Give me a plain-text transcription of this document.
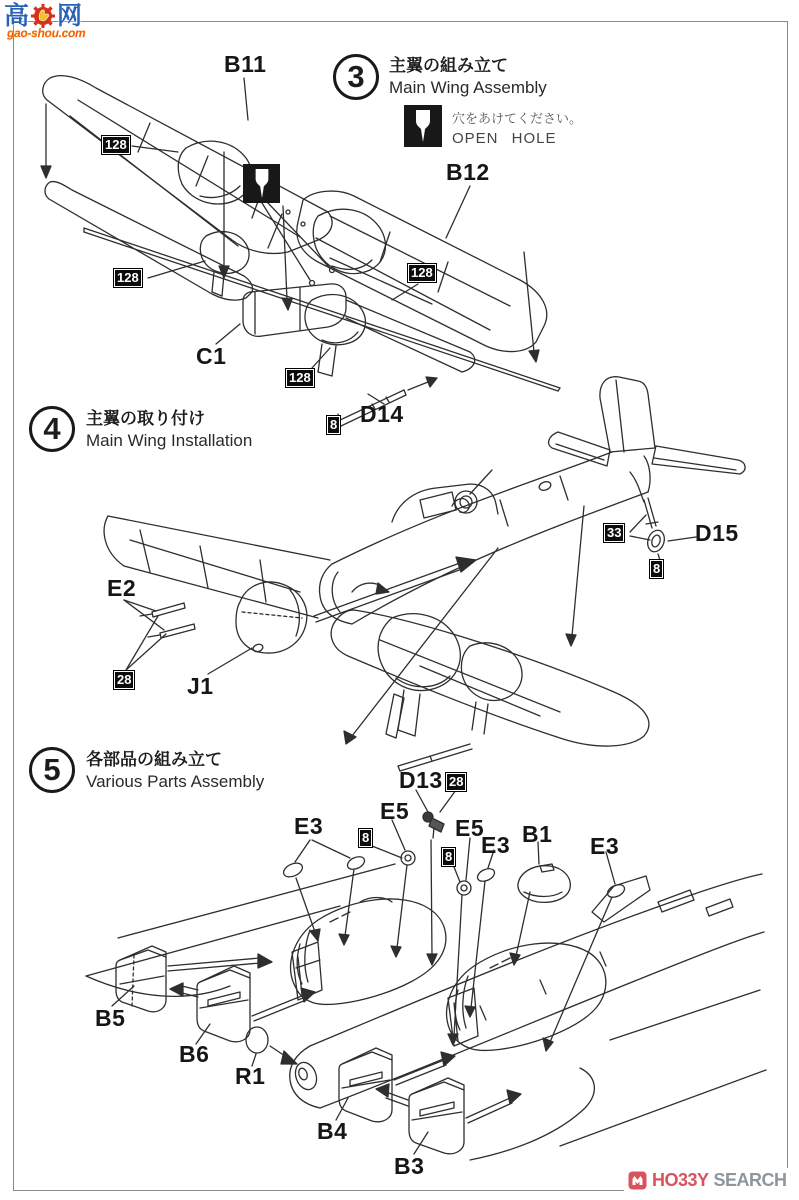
高 网
gao-shou.com
3	主翼の組み立て
Main Wing Assembly
4	主翼の取り付け
Main Wing Installation
5	各部品の組み立て
Various Parts Assembly
穴をあけてください。
OPEN HOLE
B11
B12
C1
D14
E2
J1
D15
E3
E5
D13
E5
E3 B1 E3
B5
B6
R1
B4
B3
128
128	128
128
8
28
33
8
8
28
8
HO33Y SEARCH
